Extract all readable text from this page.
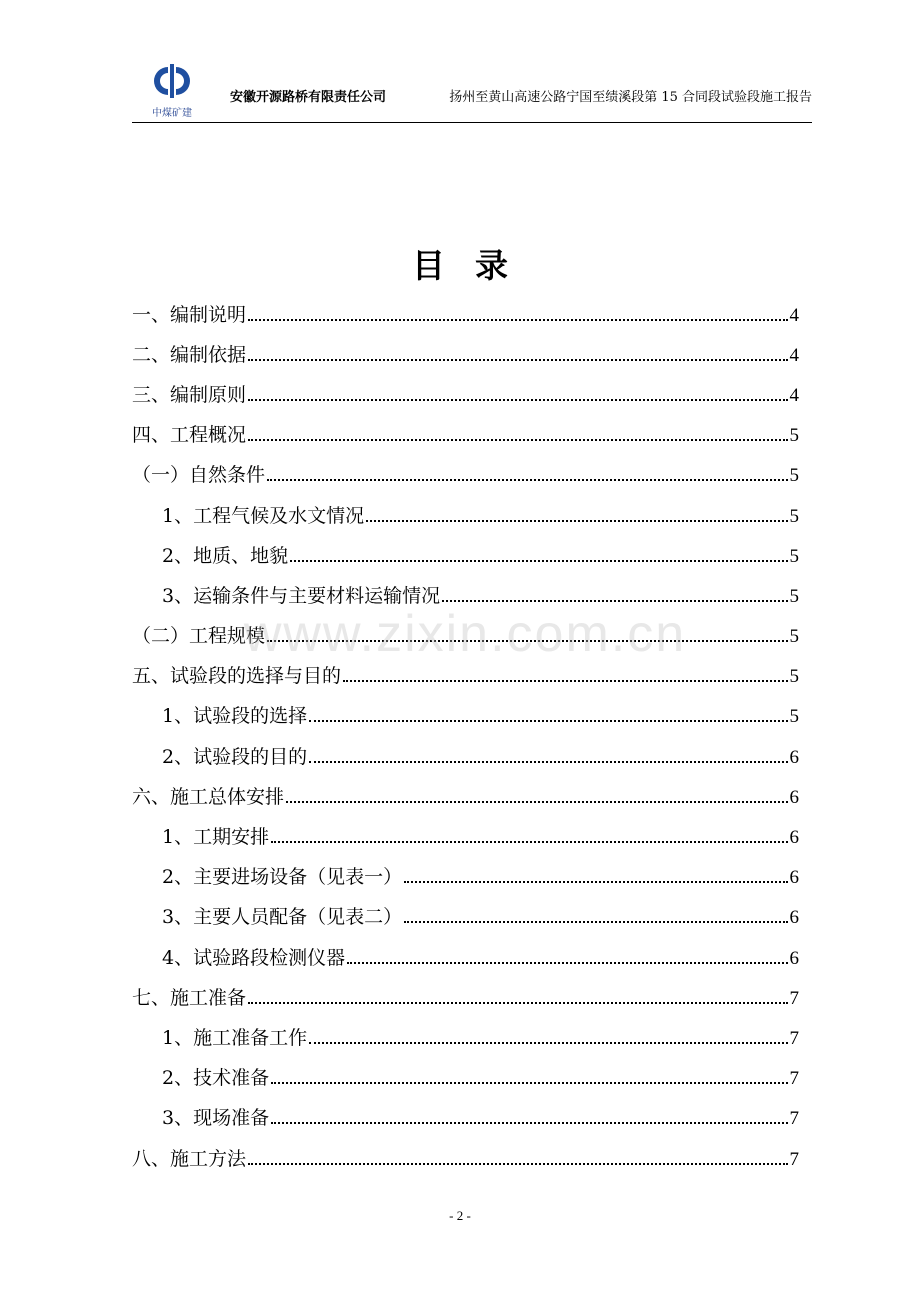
中煤矿建
安徽开源路桥有限责任公司	扬州至黄山高速公路宁国至绩溪段第 15 合同段试验段施工报告
目录
一、编制说明	4
二、编制依据	4
三、编制原则	4
四、工程概况	5
（一）自然条件	5
1、工程气候及水文情况	5
2、地质、地貌	5
3、运输条件与主要材料运输情况	5
（二）工程规模	5
五、试验段的选择与目的	5
1、试验段的选择	5
2、试验段的目的	6
六、施工总体安排	6
1、工期安排	6
2、主要进场设备（见表一）	6
3、主要人员配备（见表二）	6
4、试验路段检测仪器	6
七、施工准备	7
1、施工准备工作	7
2、技术准备	7
3、现场准备	7
八、施工方法	7
www.zixin.com.cn
- 2 -
